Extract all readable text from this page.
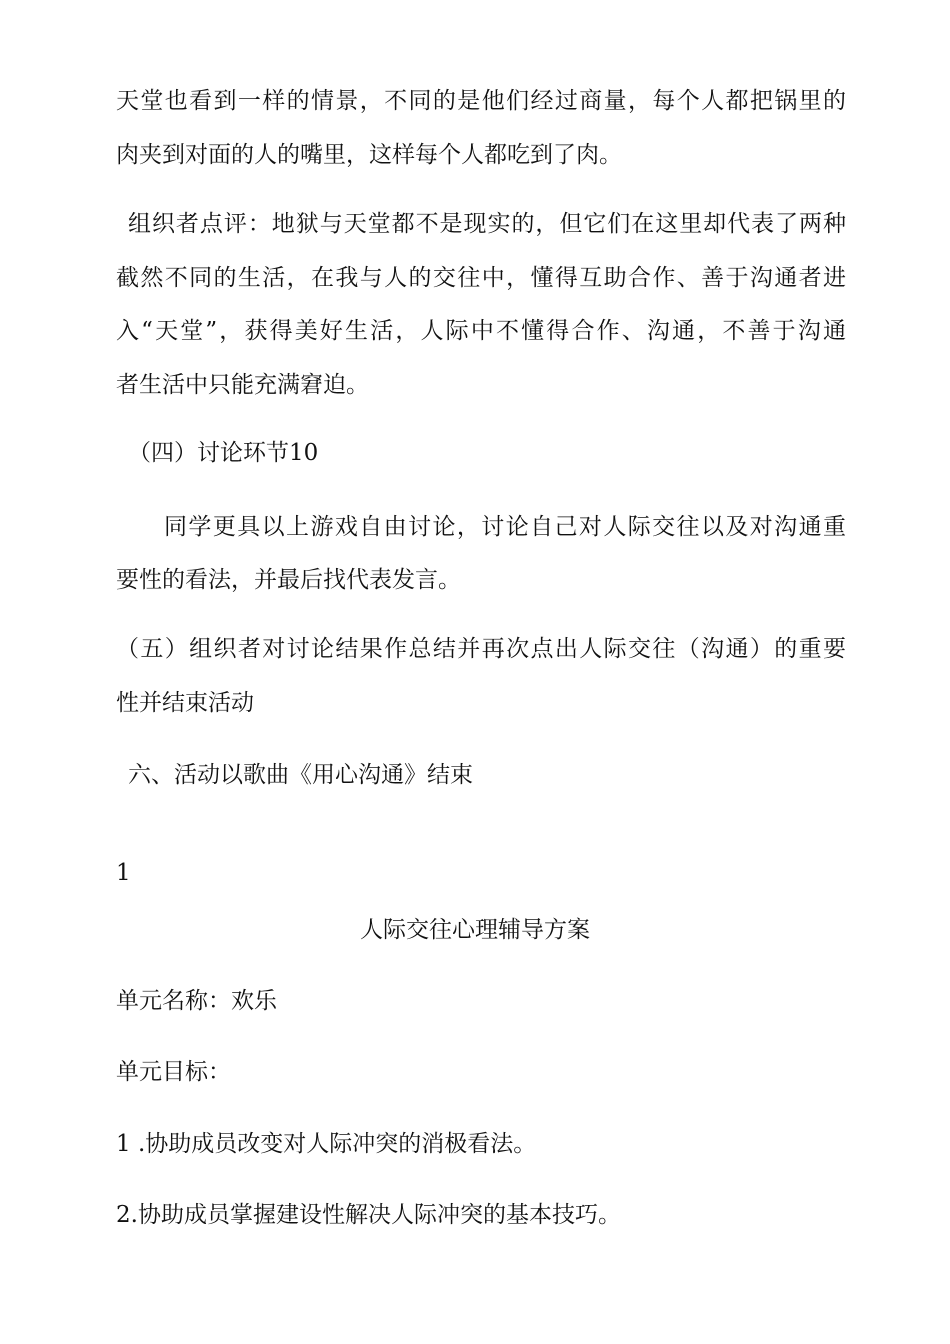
天堂也看到一样的情景，不同的是他们经过商量，每个人都把锅里的
肉夹到对面的人的嘴里，这样每个人都吃到了肉。
组织者点评：地狱与天堂都不是现实的，但它们在这里却代表了两种
截然不同的生活，在我与人的交往中，懂得互助合作、善于沟通者进
入“天堂”，获得美好生活，人际中不懂得合作、沟通，不善于沟通
者生活中只能充满窘迫。
（四）讨论环节10
同学更具以上游戏自由讨论，讨论自己对人际交往以及对沟通重
要性的看法，并最后找代表发言。
（五）组织者对讨论结果作总结并再次点出人际交往（沟通）的重要
性并结束活动
六、活动以歌曲《用心沟通》结束
1
人际交往心理辅导方案
单元名称：欢乐
单元目标：
1 .协助成员改变对人际冲突的消极看法。
2.协助成员掌握建设性解决人际冲突的基本技巧。
